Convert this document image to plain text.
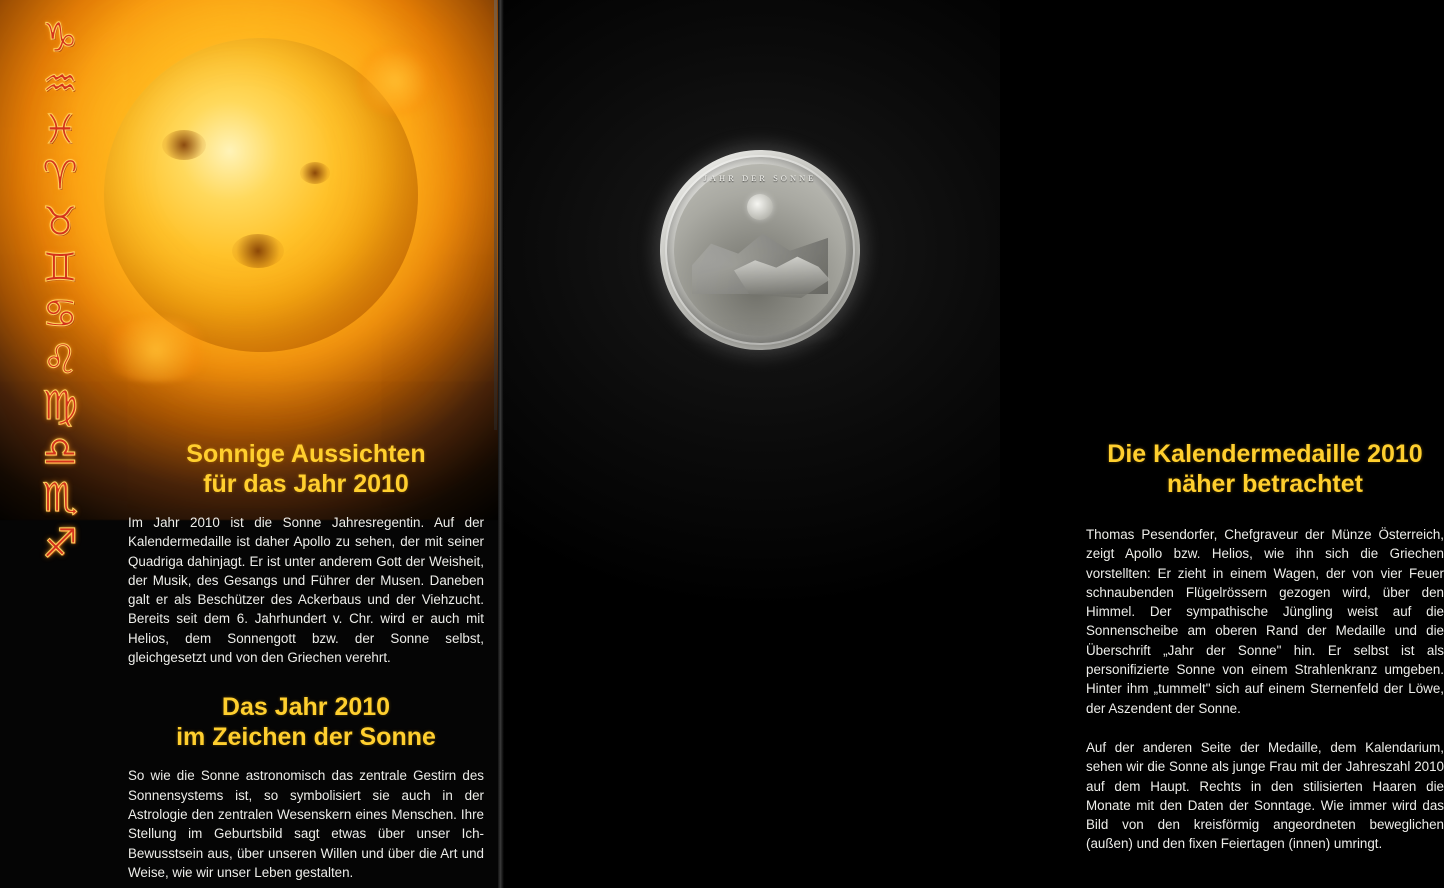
♑
♒
♓
♈
♉
♊
♋
♌
♍
♎
♏
♐
Sonnige Aussichten
für das Jahr 2010

Im Jahr 2010 ist die Sonne Jahresregentin. Auf der Kalendermedaille ist daher Apollo zu sehen, der mit seiner Quadriga dahinjagt. Er ist unter anderem Gott der Weisheit, der Musik, des Gesangs und Führer der Musen. Daneben galt er als Beschützer des Ackerbaus und der Viehzucht. Bereits seit dem 6. Jahrhundert v. Chr. wird er auch mit Helios, dem Sonnengott bzw. der Sonne selbst, gleichgesetzt und von den Griechen verehrt.

Das Jahr 2010
im Zeichen der Sonne

So wie die Sonne astronomisch das zentrale Gestirn des Sonnensystems ist, so symbolisiert sie auch in der Astrologie den zentralen Wesenskern eines Menschen. Ihre Stellung im Geburtsbild sagt etwas über unser Ich-Bewusstsein aus, über unseren Willen und über die Art und Weise, wie wir unser Leben gestalten.

JAHR DER SONNE
Die Kalendermedaille 2010
näher betrachtet

Thomas Pesendorfer, Chefgraveur der Münze Österreich, zeigt Apollo bzw. Helios, wie ihn sich die Griechen vorstellten: Er zieht in einem Wagen, der von vier Feuer schnaubenden Flügelrössern gezogen wird, über den Himmel. Der sympathische Jüngling weist auf die Sonnenscheibe am oberen Rand der Medaille und die Überschrift „Jahr der Sonne" hin. Er selbst ist als personifizierte Sonne von einem Strahlenkranz umgeben. Hinter ihm „tummelt" sich auf einem Sternenfeld der Löwe, der Aszendent der Sonne.

Auf der anderen Seite der Medaille, dem Kalendarium, sehen wir die Sonne als junge Frau mit der Jahreszahl 2010 auf dem Haupt. Rechts in den stilisierten Haaren die Monate mit den Daten der Sonntage. Wie immer wird das Bild von den kreisförmig angeordneten beweglichen (außen) und den fixen Feiertagen (innen) umringt.
